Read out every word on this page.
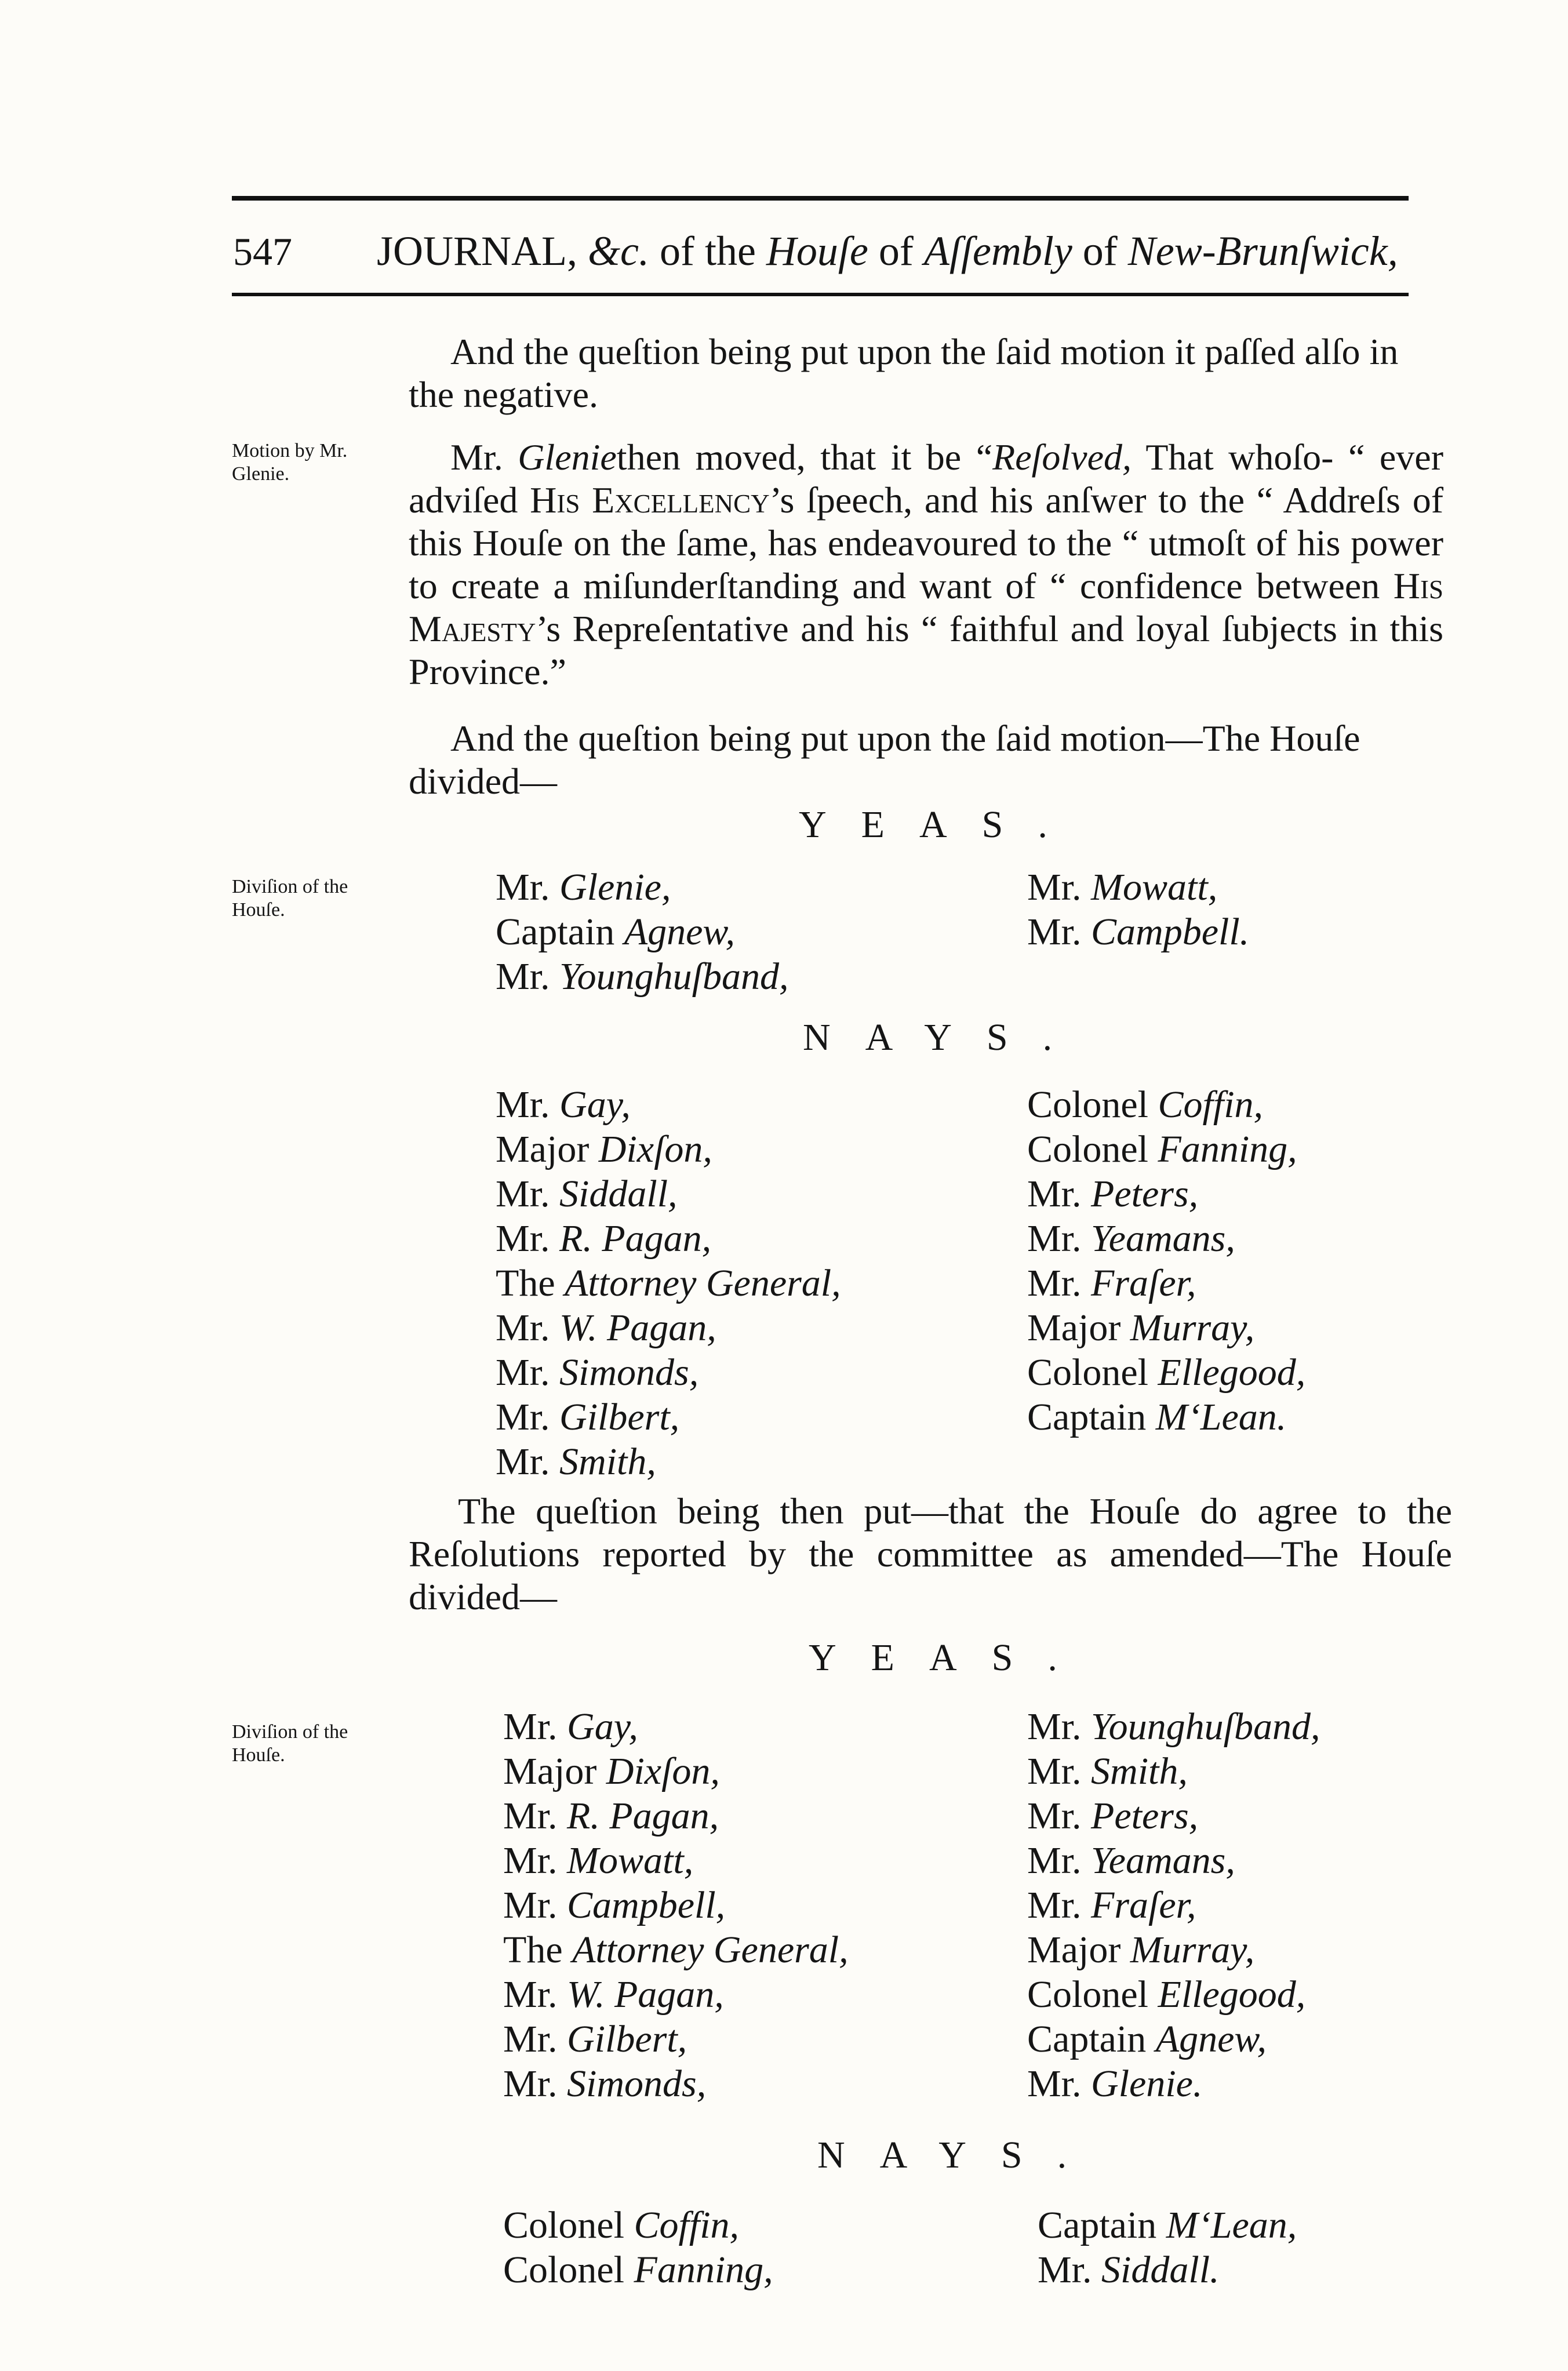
547 JOURNAL, &c. of the Houſe of Aſſembly of New-Brunſwick,

And the queſtion being put upon the ſaid motion it paſſed alſo in the negative.

Motion by Mr. Glenie.
Diviſion of the Houſe.
Diviſion of the Houſe.

Mr. Gleniethen moved, that it be “Reſolved, That whoſo- “ ever adviſed His Excellency’s ſpeech, and his anſwer to the “ Addreſs of this Houſe on the ſame, has endeavoured to the “ utmoſt of his power to create a miſunderſtanding and want of “ confidence between His Majesty’s Repreſentative and his “ faithful and loyal ſubjects in this Province.”

And the queſtion being put upon the ſaid motion—The Houſe divided—

YEAS.
Mr. Glenie,
Captain Agnew,
Mr. Younghuſband,
Mr. Mowatt,
Mr. Campbell.
NAYS.
Mr. Gay,
Major Dixſon,
Mr. Siddall,
Mr. R. Pagan,
The Attorney General,
Mr. W. Pagan,
Mr. Simonds,
Mr. Gilbert,
Mr. Smith,
Colonel Coffin,
Colonel Fanning,
Mr. Peters,
Mr. Yeamans,
Mr. Fraſer,
Major Murray,
Colonel Ellegood,
Captain M‘Lean.

The queſtion being then put—that the Houſe do agree to the Reſolutions reported by the committee as amended—The Houſe divided—

YEAS.
Mr. Gay,
Major Dixſon,
Mr. R. Pagan,
Mr. Mowatt,
Mr. Campbell,
The Attorney General,
Mr. W. Pagan,
Mr. Gilbert,
Mr. Simonds,
Mr. Younghuſband,
Mr. Smith,
Mr. Peters,
Mr. Yeamans,
Mr. Fraſer,
Major Murray,
Colonel Ellegood,
Captain Agnew,
Mr. Glenie.
NAYS.
Colonel Coffin,
Colonel Fanning,
Captain M‘Lean,
Mr. Siddall.
